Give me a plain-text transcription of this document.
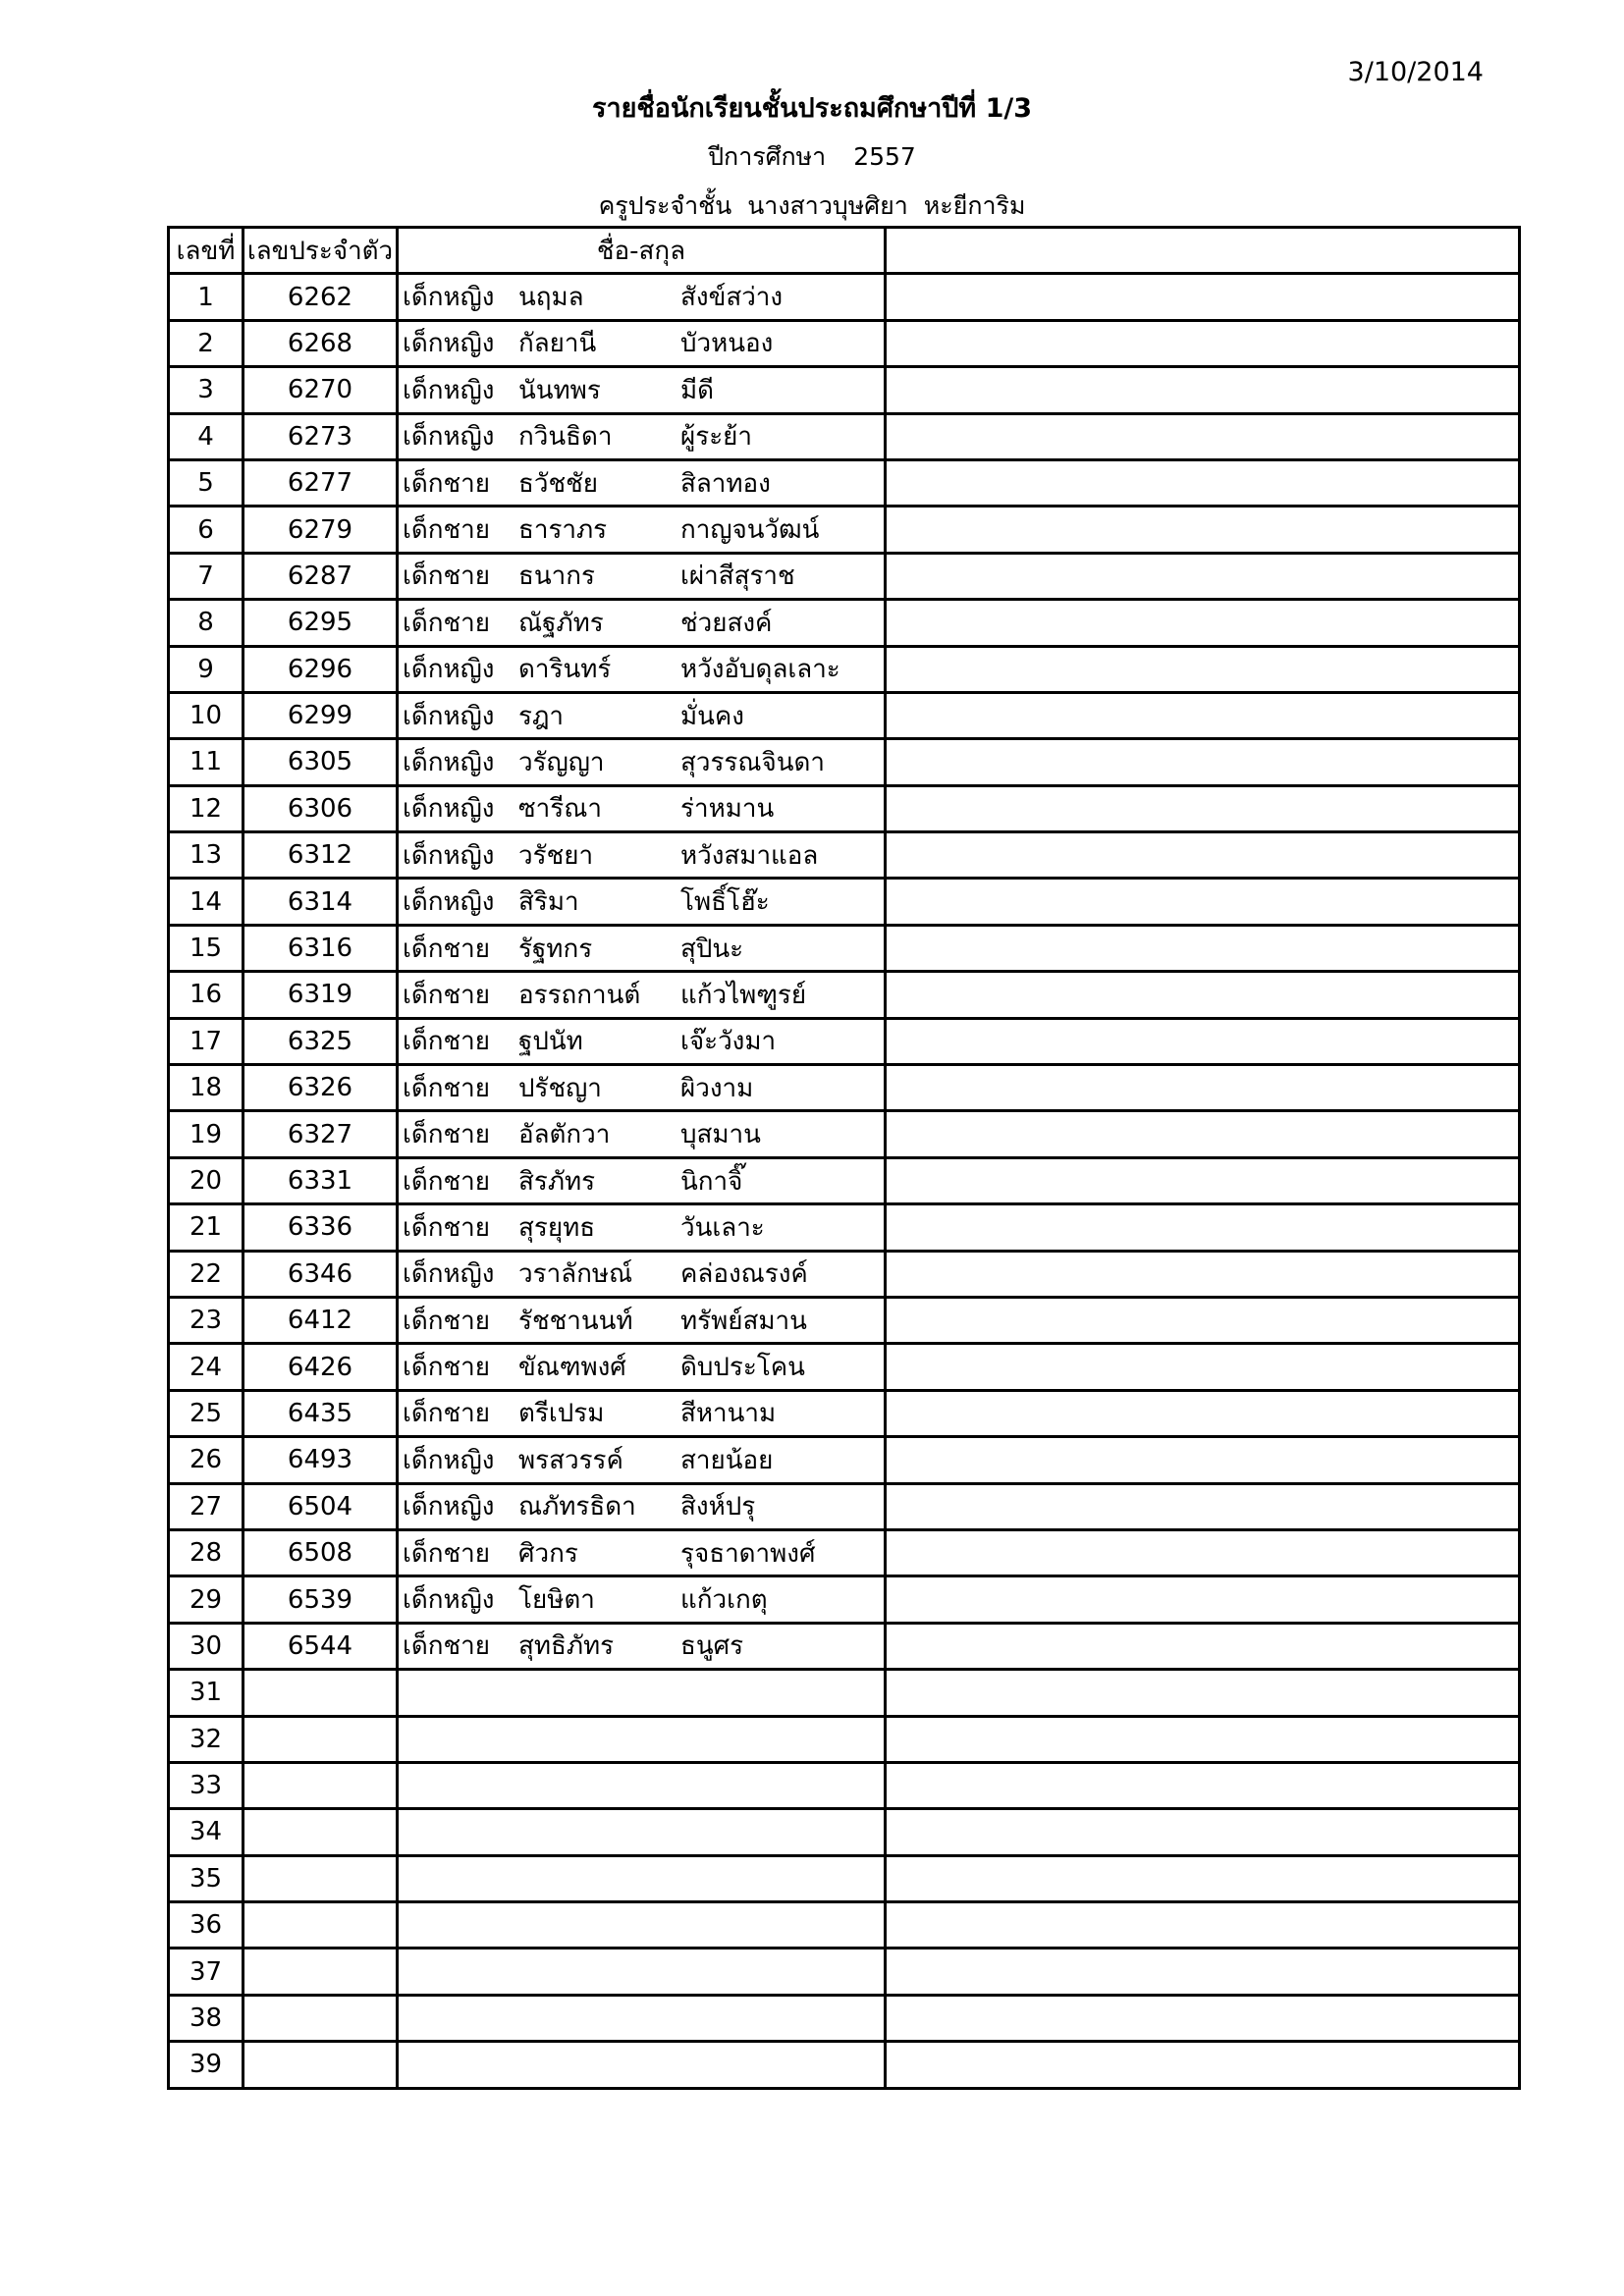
3/10/2014
รายชื่อนักเรียนชั้นประถมศึกษาปีที่ 1/3
ปีการศึกษา 2557
ครูประจำชั้น นางสาวบุษศิยา หะยีการิม
เลขที่	เลขประจำตัว	ชื่อ-สกุล	
1	6262	เด็กหญิง นฤมล สังข์สว่าง	
2	6268	เด็กหญิง กัลยานี บัวหนอง	
3	6270	เด็กหญิง นันทพร มีดี	
4	6273	เด็กหญิง กวินธิดา ผู้ระย้า	
5	6277	เด็กชาย ธวัชชัย สิลาทอง	
6	6279	เด็กชาย ธาราภร กาญจนวัฒน์	
7	6287	เด็กชาย ธนากร เผ่าสีสุราช	
8	6295	เด็กชาย ณัฐภัทร ช่วยสงค์	
9	6296	เด็กหญิง ดารินทร์ หวังอับดุลเลาะ	
10	6299	เด็กหญิง รฎา มั่นคง	
11	6305	เด็กหญิง วรัญญา สุวรรณจินดา	
12	6306	เด็กหญิง ซารีณา ร่าหมาน	
13	6312	เด็กหญิง วรัชยา หวังสมาแอล	
14	6314	เด็กหญิง สิริมา โพธิ์โฮ๊ะ	
15	6316	เด็กชาย รัฐทกร สุปินะ	
16	6319	เด็กชาย อรรถกานต์ แก้วไพฑูรย์	
17	6325	เด็กชาย ฐปนัท เจ๊ะวังมา	
18	6326	เด็กชาย ปรัชญา ผิวงาม	
19	6327	เด็กชาย อัลตักวา บุสมาน	
20	6331	เด็กชาย สิรภัทร นิกาจิ๊	
21	6336	เด็กชาย สุรยุทธ วันเลาะ	
22	6346	เด็กหญิง วราลักษณ์ คล่องณรงค์	
23	6412	เด็กชาย รัชชานนท์ ทรัพย์สมาน	
24	6426	เด็กชาย ขัณฑพงศ์ ดิบประโคน	
25	6435	เด็กชาย ตรีเปรม สีหานาม	
26	6493	เด็กหญิง พรสวรรค์ สายน้อย	
27	6504	เด็กหญิง ณภัทรธิดา สิงห์ปรุ	
28	6508	เด็กชาย ศิวกร รุจธาดาพงศ์	
29	6539	เด็กหญิง โยษิตา แก้วเกตุ	
30	6544	เด็กชาย สุทธิภัทร ธนูศร	
31			
32			
33			
34			
35			
36			
37			
38			
39			
